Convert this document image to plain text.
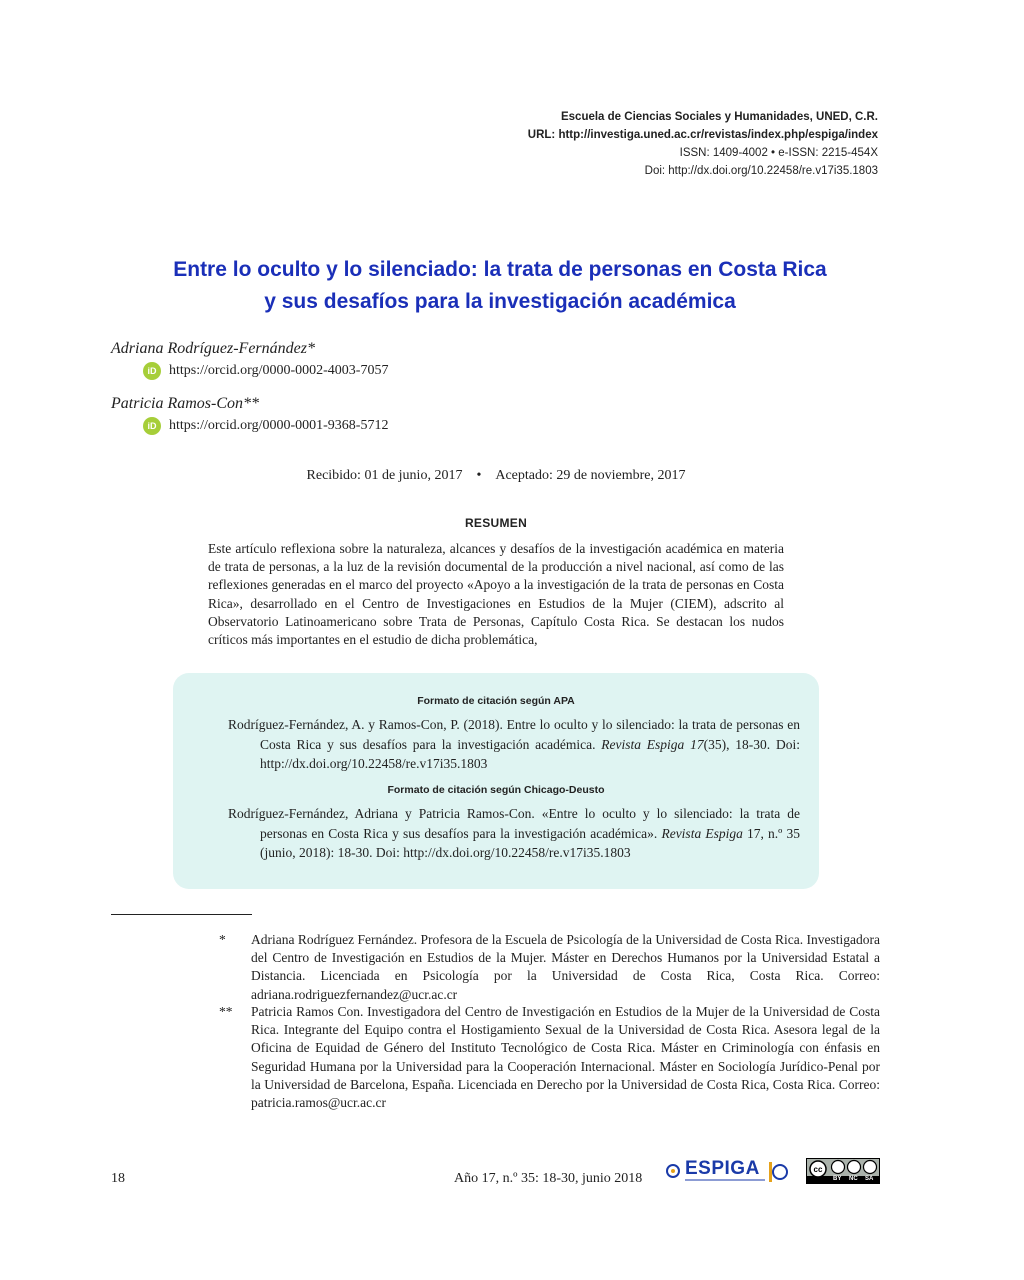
Escuela de Ciencias Sociales y Humanidades, UNED, C.R.
URL: http://investiga.uned.ac.cr/revistas/index.php/espiga/index
ISSN: 1409-4002 • e-ISSN: 2215-454X
Doi: http://dx.doi.org/10.22458/re.v17i35.1803
Entre lo oculto y lo silenciado: la trata de personas en Costa Rica
y sus desafíos para la investigación académica
Adriana Rodríguez-Fernández*
iD https://orcid.org/0000-0002-4003-7057
Patricia Ramos-Con**
iD https://orcid.org/0000-0001-9368-5712
Recibido: 01 de junio, 2017 • Aceptado: 29 de noviembre, 2017
RESUMEN
Este artículo reflexiona sobre la naturaleza, alcances y desafíos de la investigación académica en materia de trata de personas, a la luz de la revisión documental de la producción a nivel nacional, así como de las reflexiones generadas en el marco del proyecto «Apoyo a la investigación de la trata de personas en Costa Rica», desarrollado en el Centro de Investigaciones en Estudios de la Mujer (CIEM), adscrito al Observatorio Latinoamericano sobre Trata de Personas, Capítulo Costa Rica. Se destacan los nudos críticos más importantes en el estudio de dicha problemática,
Formato de citación según APA
Rodríguez-Fernández, A. y Ramos-Con, P. (2018). Entre lo oculto y lo silenciado: la trata de personas en Costa Rica y sus desafíos para la investigación académica. Revista Espiga 17(35), 18-30. Doi: http://dx.doi.org/10.22458/re.v17i35.1803
Formato de citación según Chicago-Deusto
Rodríguez-Fernández, Adriana y Patricia Ramos-Con. «Entre lo oculto y lo silenciado: la trata de personas en Costa Rica y sus desafíos para la investigación académica». Revista Espiga 17, n.º 35 (junio, 2018): 18-30. Doi: http://dx.doi.org/10.22458/re.v17i35.1803
* Adriana Rodríguez Fernández. Profesora de la Escuela de Psicología de la Universidad de Costa Rica. Investigadora del Centro de Investigación en Estudios de la Mujer. Máster en Derechos Humanos por la Universidad Estatal a Distancia. Licenciada en Psicología por la Universidad de Costa Rica, Costa Rica. Correo: adriana.rodriguezfernandez@ucr.ac.cr
** Patricia Ramos Con. Investigadora del Centro de Investigación en Estudios de la Mujer de la Universidad de Costa Rica. Integrante del Equipo contra el Hostigamiento Sexual de la Universidad de Costa Rica. Asesora legal de la Oficina de Equidad de Género del Instituto Tecnológico de Costa Rica. Máster en Criminología con énfasis en Seguridad Humana por la Universidad para la Cooperación Internacional. Máster en Sociología Jurídico-Penal por la Universidad de Barcelona, España. Licenciada en Derecho por la Universidad de Costa Rica, Costa Rica. Correo: patricia.ramos@ucr.ac.cr
18	Año 17, n.º 35: 18-30, junio 2018 ESPIGA	cc
BY NC SA
